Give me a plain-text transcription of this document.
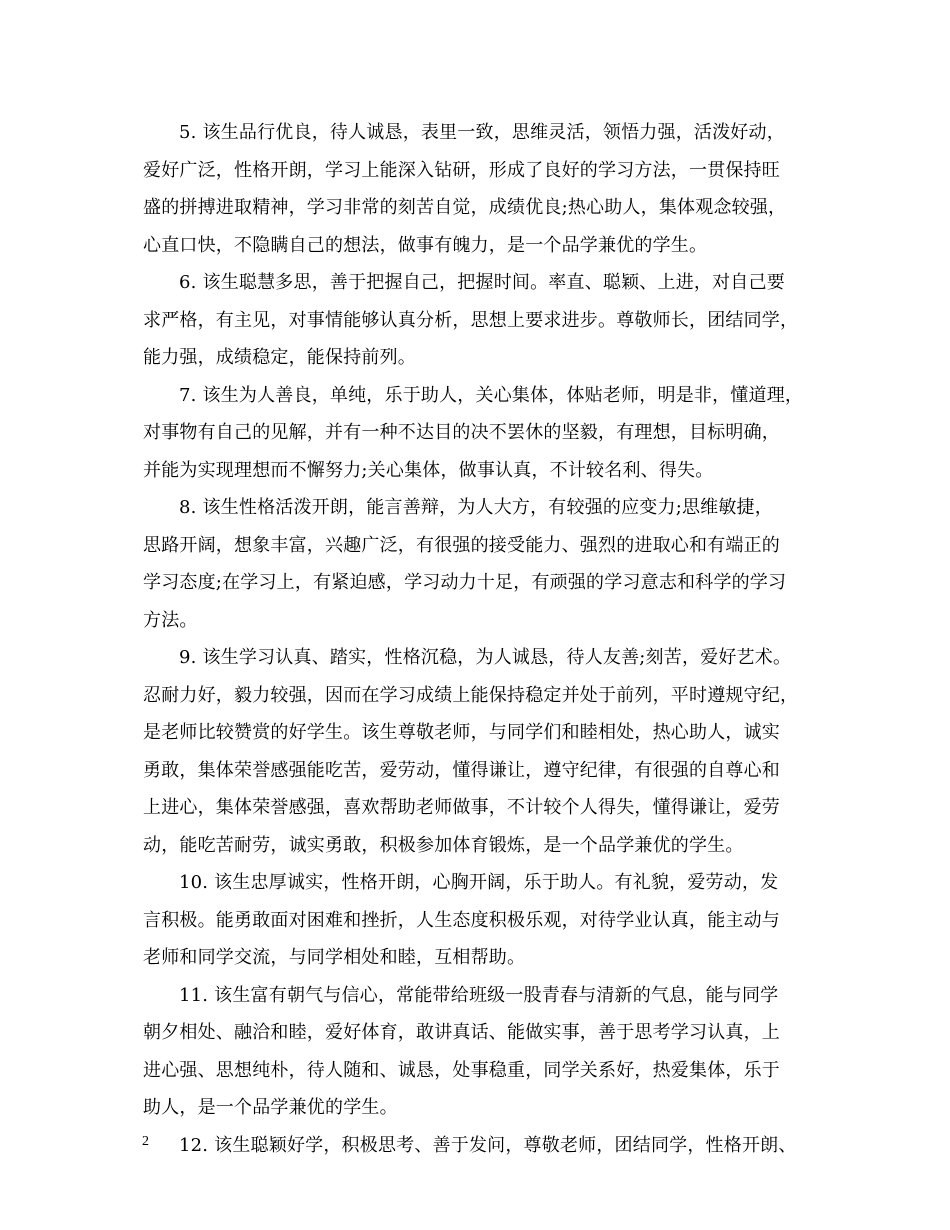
5. 该生品行优良，待人诚恳，表里一致，思维灵活，领悟力强，活泼好动，
爱好广泛，性格开朗，学习上能深入钻研，形成了良好的学习方法，一贯保持旺
盛的拼搏进取精神，学习非常的刻苦自觉，成绩优良;热心助人，集体观念较强，
心直口快，不隐瞒自己的想法，做事有魄力，是一个品学兼优的学生。
6. 该生聪慧多思，善于把握自己，把握时间。率直、聪颖、上进，对自己要
求严格，有主见，对事情能够认真分析，思想上要求进步。尊敬师长，团结同学，
能力强，成绩稳定，能保持前列。
7. 该生为人善良，单纯，乐于助人，关心集体，体贴老师，明是非，懂道理，
对事物有自己的见解，并有一种不达目的决不罢休的坚毅，有理想，目标明确，
并能为实现理想而不懈努力;关心集体，做事认真，不计较名利、得失。
8. 该生性格活泼开朗，能言善辩，为人大方，有较强的应变力;思维敏捷，
思路开阔，想象丰富，兴趣广泛，有很强的接受能力、强烈的进取心和有端正的
学习态度;在学习上，有紧迫感，学习动力十足，有顽强的学习意志和科学的学习
方法。
9. 该生学习认真、踏实，性格沉稳，为人诚恳，待人友善;刻苦，爱好艺术。
忍耐力好，毅力较强，因而在学习成绩上能保持稳定并处于前列，平时遵规守纪，
是老师比较赞赏的好学生。该生尊敬老师，与同学们和睦相处，热心助人，诚实
勇敢，集体荣誉感强能吃苦，爱劳动，懂得谦让，遵守纪律，有很强的自尊心和
上进心，集体荣誉感强，喜欢帮助老师做事，不计较个人得失，懂得谦让，爱劳
动，能吃苦耐劳，诚实勇敢，积极参加体育锻炼，是一个品学兼优的学生。
10. 该生忠厚诚实，性格开朗，心胸开阔，乐于助人。有礼貌，爱劳动，发
言积极。能勇敢面对困难和挫折，人生态度积极乐观，对待学业认真，能主动与
老师和同学交流，与同学相处和睦，互相帮助。
11. 该生富有朝气与信心，常能带给班级一股青春与清新的气息，能与同学
朝夕相处、融洽和睦，爱好体育，敢讲真话、能做实事，善于思考学习认真，上
进心强、思想纯朴，待人随和、诚恳，处事稳重，同学关系好，热爱集体，乐于
助人，是一个品学兼优的学生。
12. 该生聪颖好学，积极思考、善于发问，尊敬老师，团结同学，性格开朗、
2
